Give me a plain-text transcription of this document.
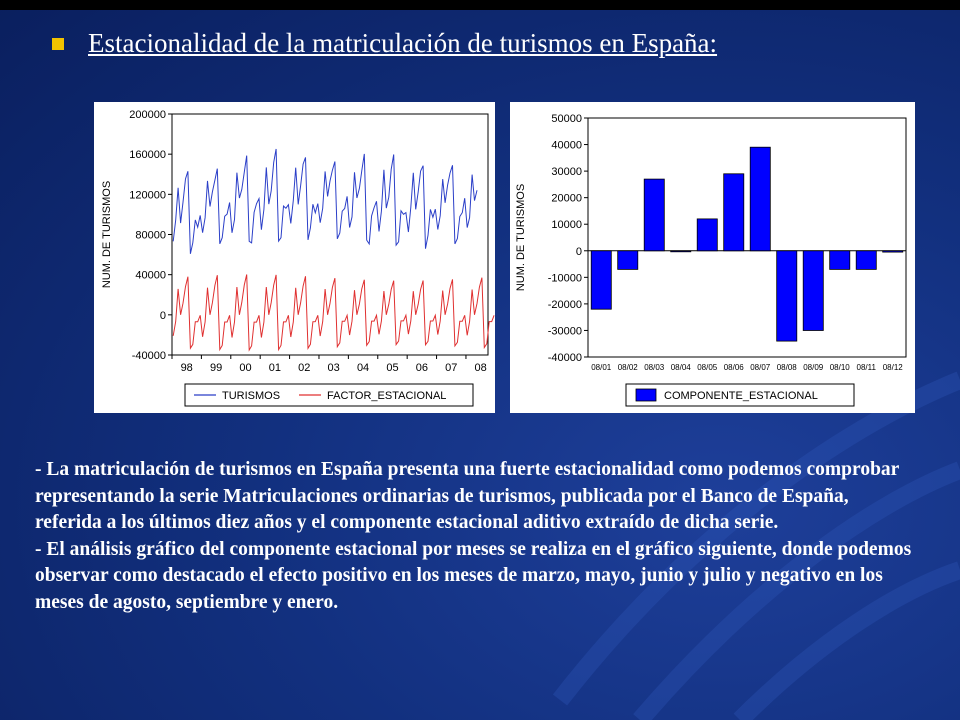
Estacionalidad de la matriculación de turismos en España:
200000
160000
120000
80000
40000
0
-40000
98 99 00 01 02 03 04 05 06 07 08
NUM. DE TURISMOS
TURISMOS	FACTOR_ESTACIONAL
50000
40000
30000
20000
10000
0
-10000
-20000
-30000
-40000
08/01 08/02 08/03 08/04 08/05 08/06 08/07 08/08 08/09 08/10 08/11 08/12
NUM. DE TURISMOS
COMPONENTE_ESTACIONAL

- La matriculación de turismos en España presenta una fuerte estacionalidad como podemos comprobar representando la serie Matriculaciones ordinarias de turismos, publicada por el Banco de España, referida a los últimos diez años y el componente estacional aditivo extraído de dicha serie.

- El análisis gráfico del componente estacional por meses se realiza en el gráfico siguiente, donde podemos observar como destacado el efecto positivo en los meses de marzo, mayo, junio y julio y negativo en los meses de agosto, septiembre y enero.
